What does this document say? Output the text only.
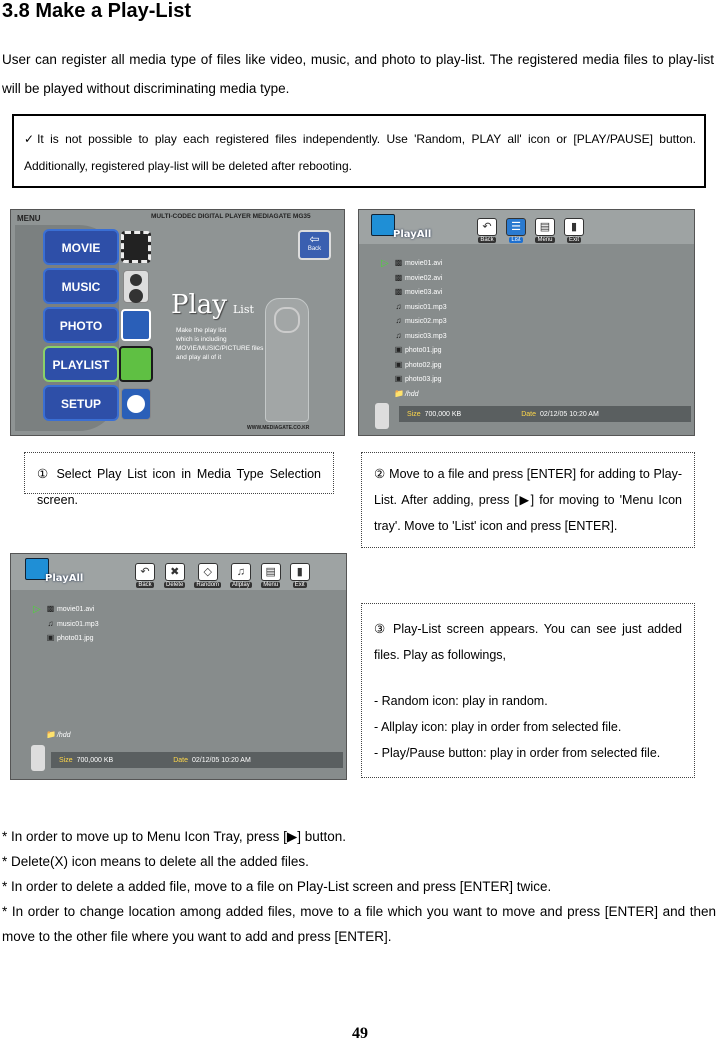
3.8 Make a Play-List
User can register all media type of files like video, music, and photo to play-list. The registered media files to play-list will be played without discriminating media type.
✓It is not possible to play each registered files independently. Use 'Random, PLAY all' icon or [PLAY/PAUSE] button. Additionally, registered play-list will be deleted after rebooting.
MENU	MULTI-CODEC DIGITAL PLAYER MEDIAGATE MG35
MOVIE
MUSIC
PHOTO
PLAYLIST
SETUP
⇦
Back
Play List
Make the play list
which is including
MOVIE/MUSIC/PICTURE files
and play all of it
WWW.MEDIAGATE.CO.KR
PlayAll
↶
Back
☰
List
▤
Menu
▮
Exit
▷ ▩ movie01.avi
▩ movie02.avi
▩ movie03.avi
♫ music01.mp3
♫ music02.mp3
♫ music03.mp3
▣ photo01.jpg
▣ photo02.jpg
▣ photo03.jpg
📁 /hdd
Size 700,000 KB	Date 02/12/05 10:20 AM
① Select Play List icon in Media Type Selection screen.
② Move to a file and press [ENTER] for adding to Play-List. After adding, press [▶] for moving to 'Menu Icon tray'. Move to 'List' icon and press [ENTER].
PlayAll
↶
Back
✖
Delete
◇
Random
♫
Allplay
▤
Menu
▮
Exit
▷ ▩ movie01.avi
♫ music01.mp3
▣ photo01.jpg
📁 /hdd
Size 700,000 KB	Date 02/12/05 10:20 AM
③ Play-List screen appears. You can see just added files. Play as followings,
- Random icon: play in random.
- Allplay icon: play in order from selected file.
- Play/Pause button: play in order from selected file.
* In order to move up to Menu Icon Tray, press [▶] button.
* Delete(X) icon means to delete all the added files.
* In order to delete a added file, move to a file on Play-List screen and press [ENTER] twice.
* In order to change location among added files, move to a file which you want to move and press [ENTER] and then move to the other file where you want to add and press [ENTER].
49
